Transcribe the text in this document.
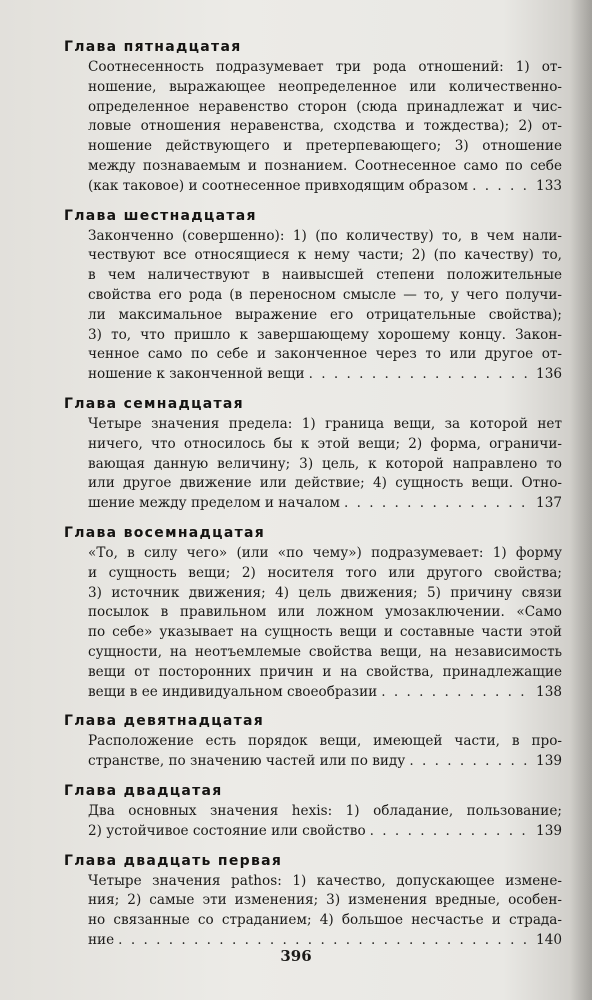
Глава пятнадцатая
Соотнесенность подразумевает три рода отношений: 1) от-
ношение, выражающее неопределенное или количественно-
определенное неравенство сторон (сюда принадлежат и чис-
ловые отношения неравенства, сходства и тождества); 2) от-
ношение действующего и претерпевающего; 3) отношение
между познаваемым и познанием. Соотнесенное само по себе
(как таковое) и соотнесенное привходящим образом . . .	133
Глава шестнадцатая
Законченно (совершенно): 1) (по количеству) то, в чем нали-
чествуют все относящиеся к нему части; 2) (по качеству) то,
в чем наличествуют в наивысшей степени положительные
свойства его рода (в переносном смысле — то, у чего получи-
ли максимальное выражение его отрицательные свойства);
3) то, что пришло к завершающему хорошему концу. Закон-
ченное само по себе и законченное через то или другое от-
ношение к законченной вещи . . .	136
Глава семнадцатая
Четыре значения предела: 1) граница вещи, за которой нет
ничего, что относилось бы к этой вещи; 2) форма, ограничи-
вающая данную величину; 3) цель, к которой направлено то
или другое движение или действие; 4) сущность вещи. Отно-
шение между пределом и началом . . .	137
Глава восемнадцатая
«То, в силу чего» (или «по чему») подразумевает: 1) форму
и сущность вещи; 2) носителя того или другого свойства;
3) источник движения; 4) цель движения; 5) причину связи
посылок в правильном или ложном умозаключении. «Само
по себе» указывает на сущность вещи и составные части этой
сущности, на неотъемлемые свойства вещи, на независимость
вещи от посторонних причин и на свойства, принадлежащие
вещи в ее индивидуальном своеобразии . . .	138
Глава девятнадцатая
Расположение есть порядок вещи, имеющей части, в про-
странстве, по значению частей или по виду . . .	139
Глава двадцатая
Два основных значения hexis: 1) обладание, пользование;
2) устойчивое состояние или свойство . . .	139
Глава двадцать первая
Четыре значения pathos: 1) качество, допускающее измене-
ния; 2) самые эти изменения; 3) изменения вредные, особен-
но связанные со страданием; 4) большое несчастье и страда-
ние . . .	140
396
